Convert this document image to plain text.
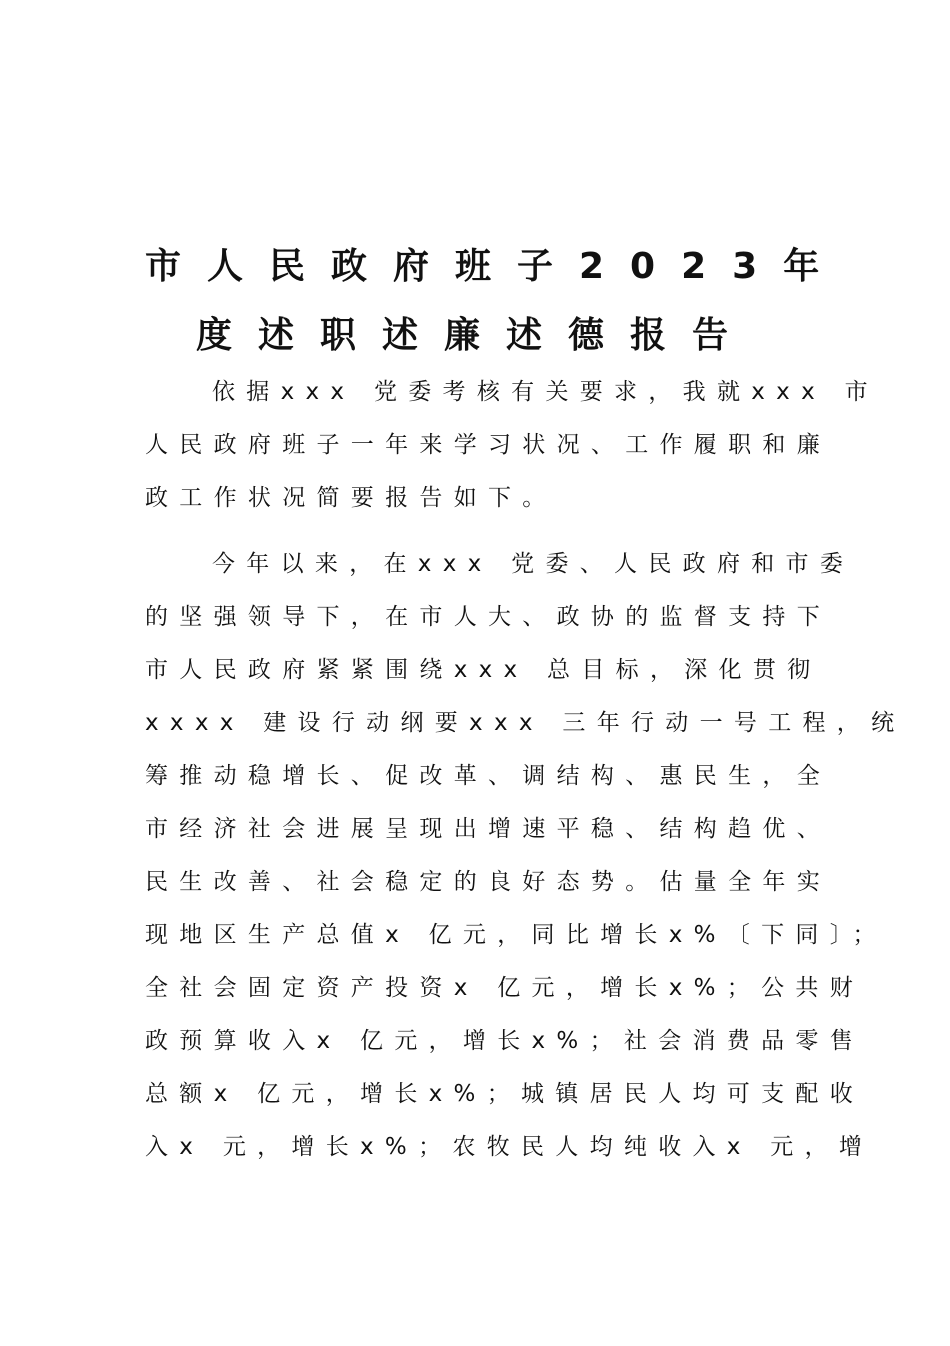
市人民政府班子2023年
度述职述廉述德报告
依据xxx 党委考核有关要求，我就xxx 市
人民政府班子一年来学习状况、工作履职和廉
政工作状况简要报告如下。
今年以来，在xxx 党委、人民政府和市委
的坚强领导下，在市人大、政协的监督支持下
市人民政府紧紧围绕xxx 总目标，深化贯彻
xxxx 建设行动纲要xxx 三年行动一号工程，统
筹推动稳增长、促改革、调结构、惠民生，全
市经济社会进展呈现出增速平稳、结构趋优、
民生改善、社会稳定的良好态势。估量全年实
现地区生产总值x 亿元，同比增长x%〔下同〕；
全社会固定资产投资x 亿元，增长x%；公共财
政预算收入x 亿元，增长x%；社会消费品零售
总额x 亿元，增长x%；城镇居民人均可支配收
入x 元，增长x%；农牧民人均纯收入x 元，增
